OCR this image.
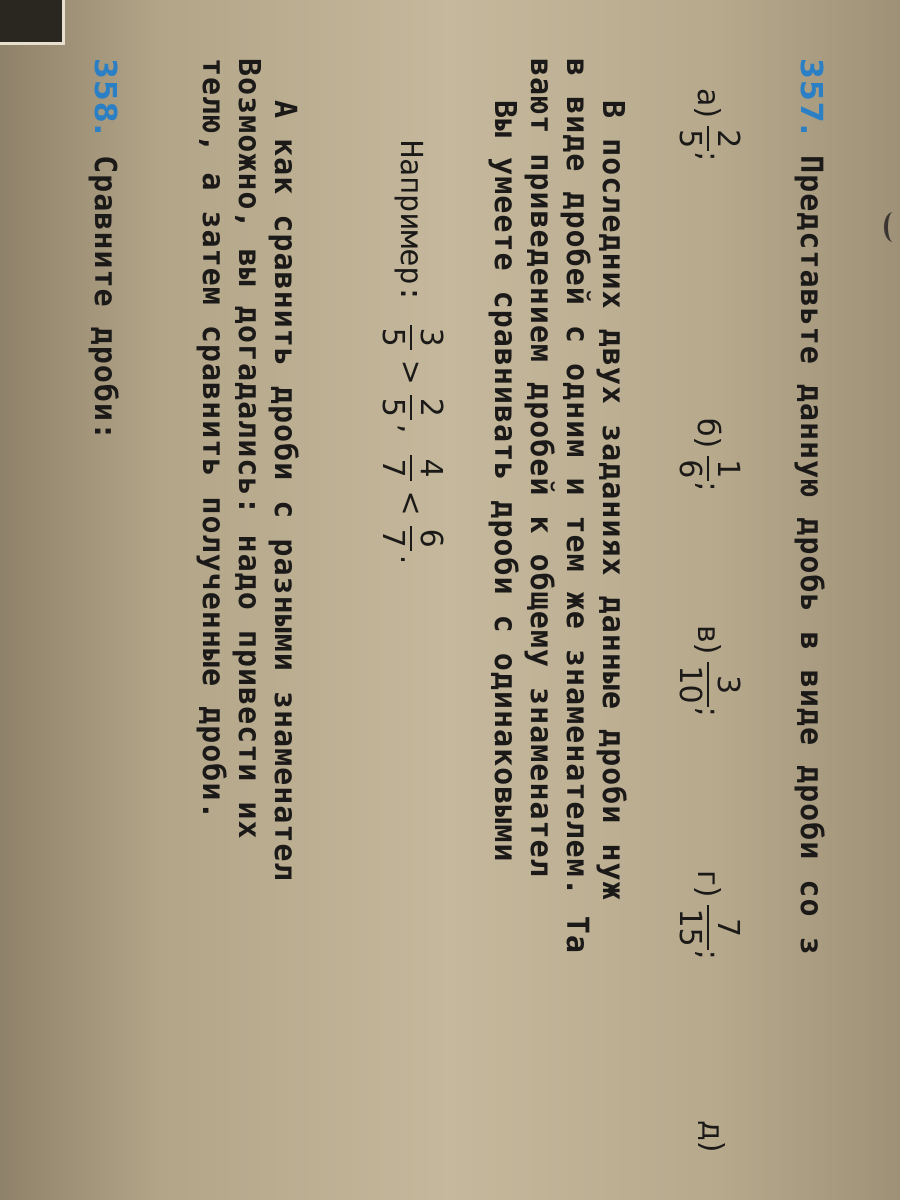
357. Представьте данную дробь в виде дроби со з
а)
2
5
;
б)
1
6
;
в)
3
10
;
г)
7
15
;
д)
В последних двух заданиях данные дроби нуж
в виде дробей с одним и тем же знаменателем. Та
вают приведением дробей к общему знаменател
Вы умеете сравнивать дроби с одинаковыми
Например:
3
5
>
2
5
,
4
7
<
6
7
.
А как сравнить дроби с разными знаменател
Возможно, вы догадались: надо привести их
телю, а затем сравнить полученные дроби.
358. Сравните дроби:
